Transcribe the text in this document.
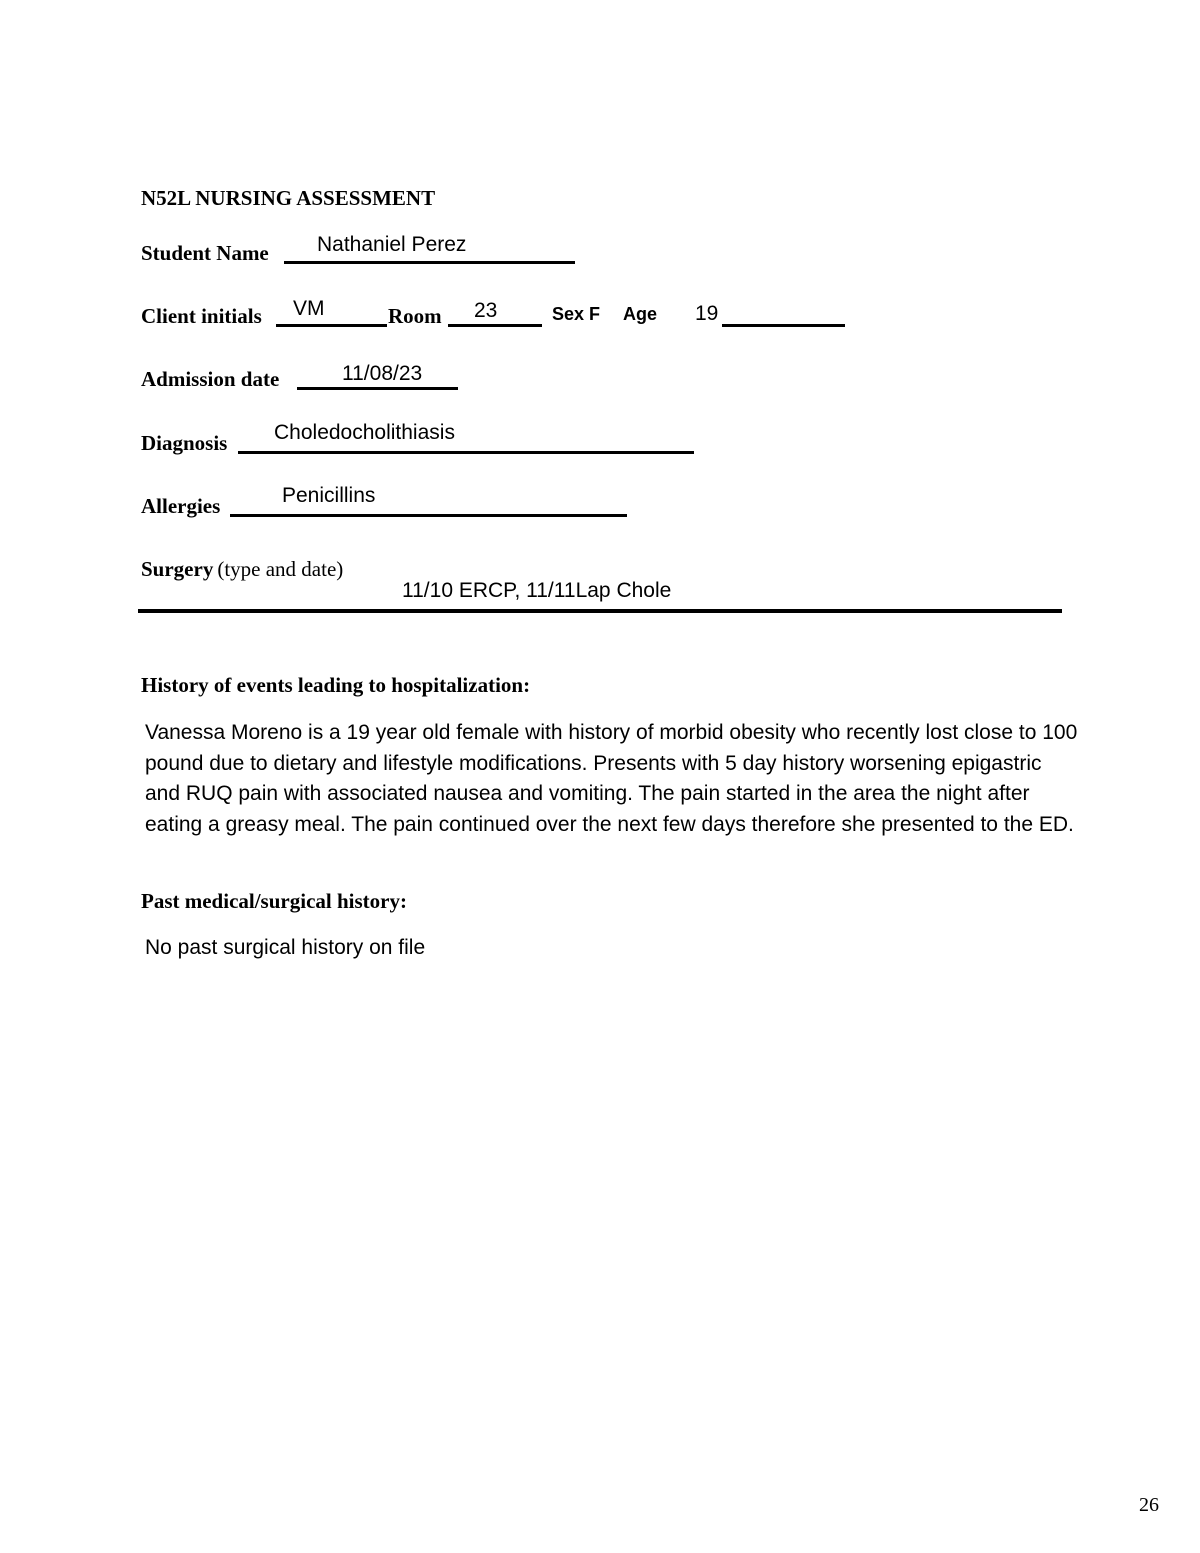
N52L NURSING ASSESSMENT
Student Name Nathaniel Perez
Client initials VM	Room 23	Sex F Age 19
Admission date	11/08/23
Diagnosis Choledocholithiasis
Allergies	Penicillins
Surgery (type and date)
11/10 ERCP, 11/11Lap Chole
History of events leading to hospitalization:
Vanessa Moreno is a 19 year old female with history of morbid obesity who recently lost close to 100
pound due to dietary and lifestyle modifications. Presents with 5 day history worsening epigastric
and RUQ pain with associated nausea and vomiting. The pain started in the area the night after
eating a greasy meal. The pain continued over the next few days therefore she presented to the ED.
Past medical/surgical history:
No past surgical history on file
26
